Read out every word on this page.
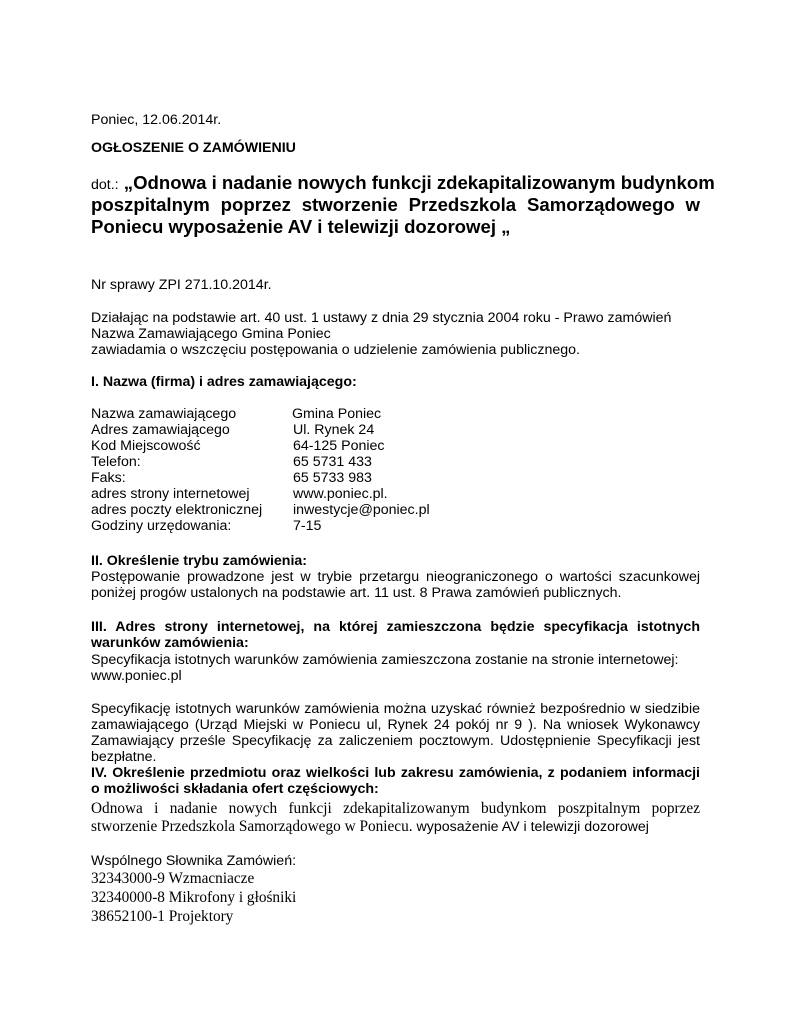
Poniec, 12.06.2014r.
OGŁOSZENIE O ZAMÓWIENIU
dot.: „Odnowa i nadanie nowych funkcji zdekapitalizowanym budynkom
poszpitalnym poprzez stworzenie Przedszkola Samorządowego w
Poniecu wyposażenie AV i telewizji dozorowej „
Nr sprawy ZPI 271.10.2014r.
Działając na podstawie art. 40 ust. 1 ustawy z dnia 29 stycznia 2004 roku - Prawo zamówień
Nazwa Zamawiającego Gmina Poniec
zawiadamia o wszczęciu postępowania o udzielenie zamówienia publicznego.
I. Nazwa (firma) i adres zamawiającego:
Nazwa zamawiającego	Gmina Poniec
Adres zamawiającego	Ul. Rynek 24
Kod Miejscowość	64-125 Poniec
Telefon:	65 5731 433
Faks:	65 5733 983
adres strony internetowej	www.poniec.pl.
adres poczty elektronicznej inwestycje@poniec.pl
Godziny urzędowania:	7-15
II. Określenie trybu zamówienia:
Postępowanie prowadzone jest w trybie przetargu nieograniczonego o wartości szacunkowej
poniżej progów ustalonych na podstawie art. 11 ust. 8 Prawa zamówień publicznych.
III. Adres strony internetowej, na której zamieszczona będzie specyfikacja istotnych
warunków zamówienia:
Specyfikacja istotnych warunków zamówienia zamieszczona zostanie na stronie internetowej:
www.poniec.pl
Specyfikację istotnych warunków zamówienia można uzyskać również bezpośrednio w siedzibie
zamawiającego (Urząd Miejski w Poniecu ul, Rynek 24 pokój nr 9 ). Na wniosek Wykonawcy
Zamawiający prześle Specyfikację za zaliczeniem pocztowym. Udostępnienie Specyfikacji jest
bezpłatne.
IV. Określenie przedmiotu oraz wielkości lub zakresu zamówienia, z podaniem informacji
o możliwości składania ofert częściowych:
Odnowa i nadanie nowych funkcji zdekapitalizowanym budynkom poszpitalnym poprzez
stworzenie Przedszkola Samorządowego w Poniecu. wyposażenie AV i telewizji dozorowej
Wspólnego Słownika Zamówień:
32343000-9 Wzmacniacze
32340000-8 Mikrofony i głośniki
38652100-1 Projektory
